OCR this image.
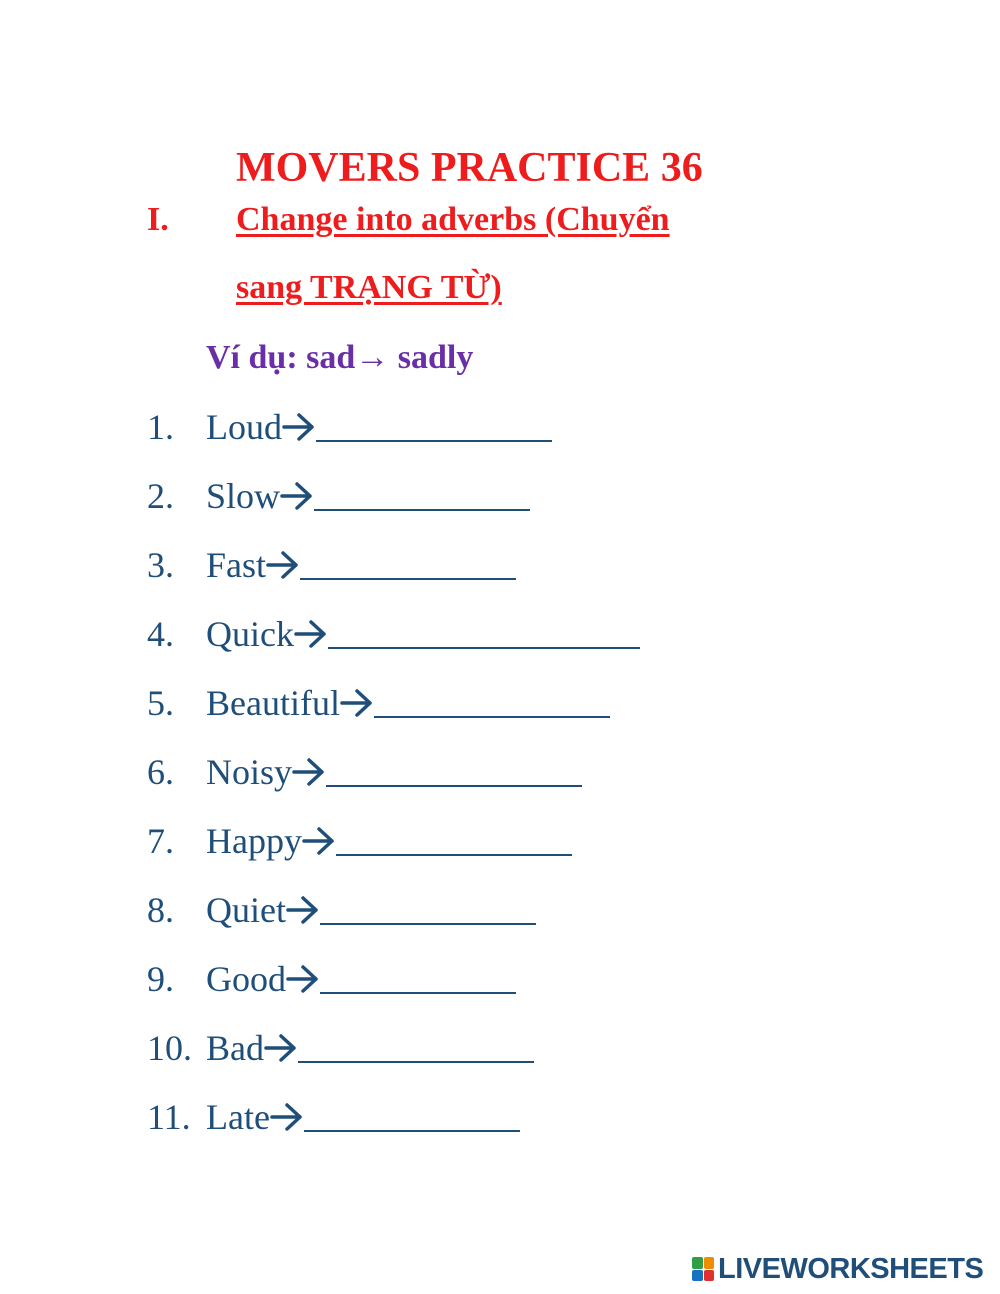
MOVERS PRACTICE 36
I. Change into adverbs (Chuyển
sang TRẠNG TỪ)
Ví dụ: sad→ sadly
1. Loud
2. Slow
3. Fast
4. Quick
5. Beautiful
6. Noisy
7. Happy
8. Quiet
9. Good
10. Bad
11. Late
LIVEWORKSHEETS
